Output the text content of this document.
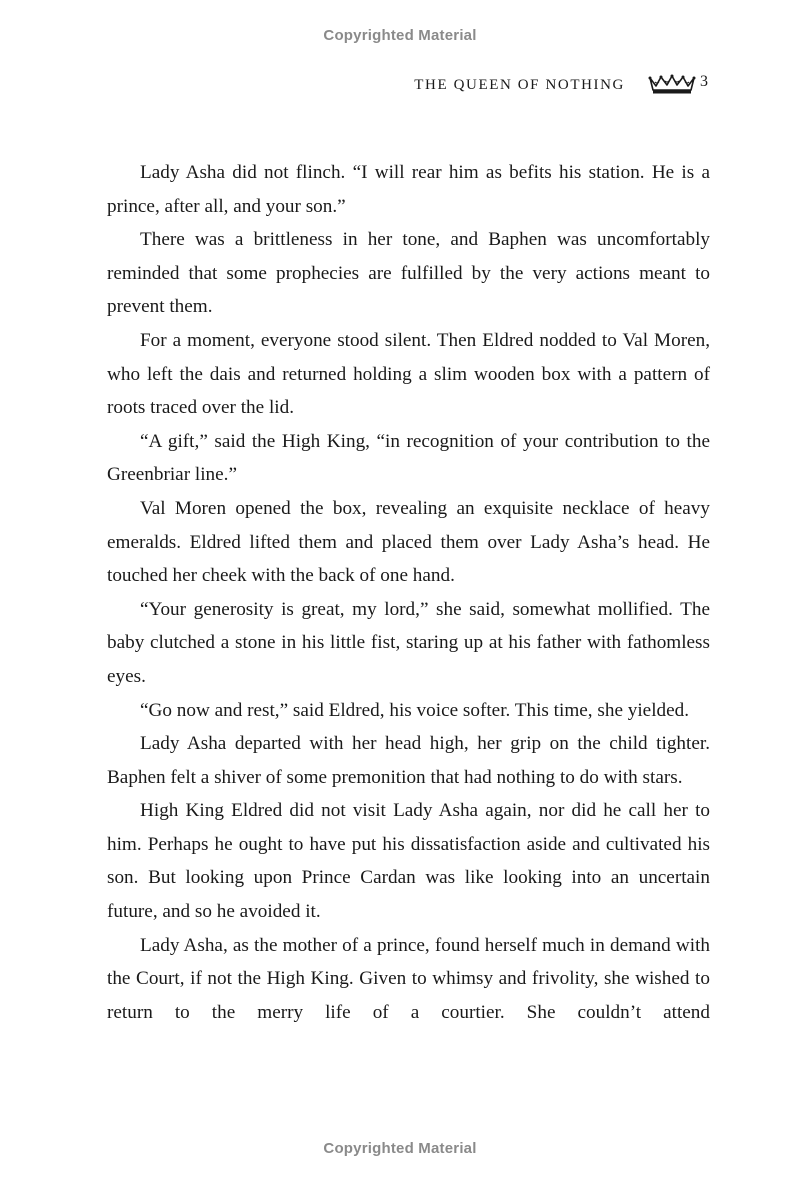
Copyrighted Material
THE QUEEN OF NOTHING	3

Lady Asha did not flinch. “I will rear him as befits his station. He is a prince, after all, and your son.”

There was a brittleness in her tone, and Baphen was uncomfortably reminded that some prophecies are fulfilled by the very actions meant to prevent them.

For a moment, everyone stood silent. Then Eldred nodded to Val Moren, who left the dais and returned holding a slim wooden box with a pattern of roots traced over the lid.

“A gift,” said the High King, “in recognition of your contribution to the Greenbriar line.”

Val Moren opened the box, revealing an exquisite necklace of heavy emeralds. Eldred lifted them and placed them over Lady Asha’s head. He touched her cheek with the back of one hand.

“Your generosity is great, my lord,” she said, somewhat mollified. The baby clutched a stone in his little fist, staring up at his father with fathomless eyes.

“Go now and rest,” said Eldred, his voice softer. This time, she yielded.

Lady Asha departed with her head high, her grip on the child tighter. Baphen felt a shiver of some premonition that had nothing to do with stars.

High King Eldred did not visit Lady Asha again, nor did he call her to him. Perhaps he ought to have put his dissatisfaction aside and cultivated his son. But looking upon Prince Cardan was like looking into an uncertain future, and so he avoided it.

Lady Asha, as the mother of a prince, found herself much in demand with the Court, if not the High King. Given to whimsy and frivolity, she wished to return to the merry life of a courtier. She couldn’t attend

Copyrighted Material
